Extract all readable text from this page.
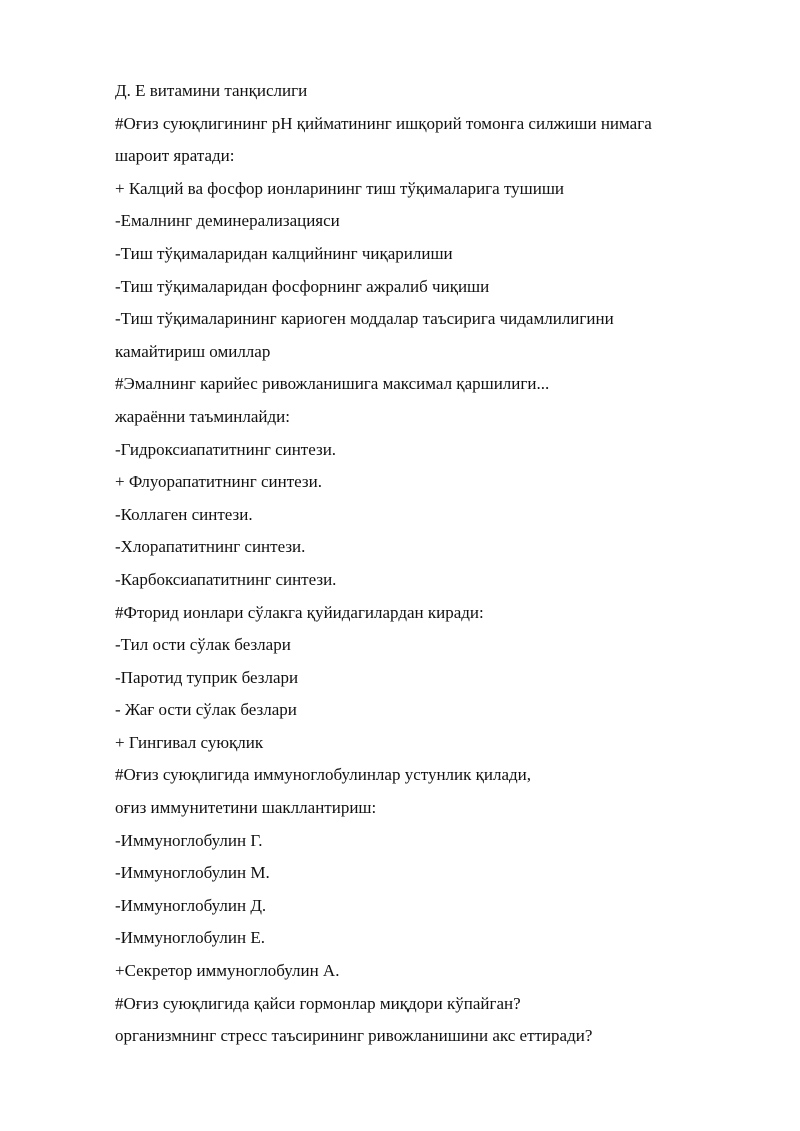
Д. Е витамини танқислиги
#Оғиз суюқлигининг pH қийматининг ишқорий томонга силжиши нимага
шароит яратади:
+ Калций ва фосфор ионларининг тиш тўқималарига тушиши
-Емалнинг деминерализацияси
-Тиш тўқималаридан калцийнинг чиқарилиши
-Тиш тўқималаридан фосфорнинг ажралиб чиқиши
-Тиш тўқималарининг кариоген моддалар таъсирига чидамлилигини
камайтириш омиллар
#Эмалнинг карийес ривожланишига максимал қаршилиги...
жараённи таъминлайди:
-Гидроксиапатитнинг синтези.
+ Флуорапатитнинг синтези.
-Коллаген синтези.
-Хлорапатитнинг синтези.
-Карбоксиапатитнинг синтези.
#Фторид ионлари сўлакга қуйидагилардан киради:
-Тил ости сўлак безлари
-Паротид туприк безлари
- Жағ ости сўлак безлари
+ Гингивал суюқлик
#Оғиз суюқлигида иммуноглобулинлар устунлик қилади,
оғиз иммунитетини шакллантириш:
-Иммуноглобулин Г.
-Иммуноглобулин М.
-Иммуноглобулин Д.
-Иммуноглобулин Е.
+Секретор иммуноглобулин А.
#Оғиз суюқлигида қайси гормонлар миқдори кўпайган?
организмнинг стресс таъсирининг ривожланишини акс еттиради?
